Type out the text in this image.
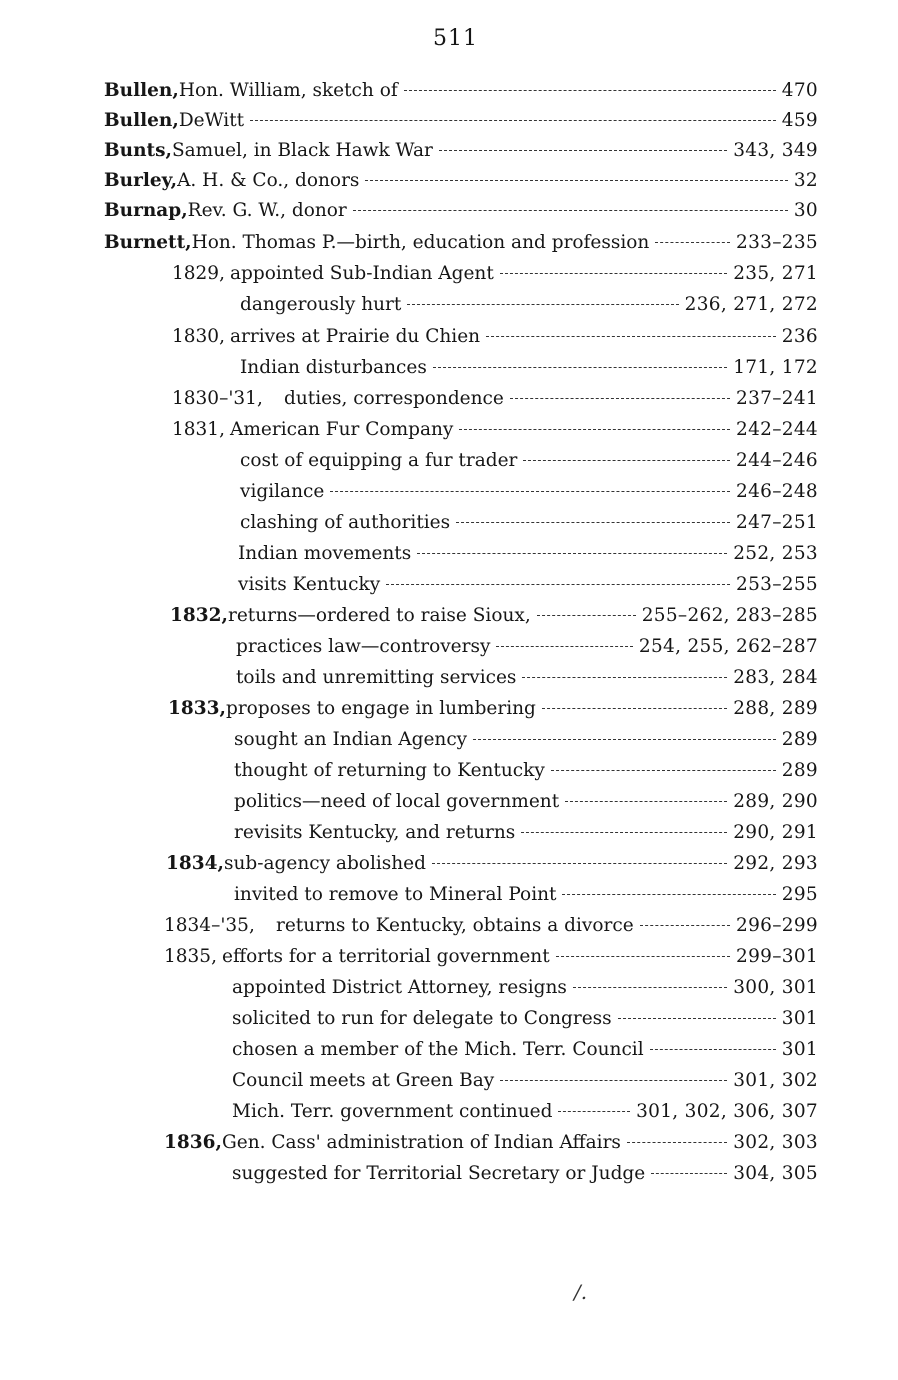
511
Bullen, Hon. William, sketch of	470
Bullen, DeWitt	459
Bunts, Samuel, in Black Hawk War	343, 349
Burley, A. H. & Co., donors	32
Burnap, Rev. G. W., donor	30
Burnett, Hon. Thomas P.—birth, education and profession	233–235
1829, appointed Sub-Indian Agent	235, 271
dangerously hurt	236, 271, 272
1830, arrives at Prairie du Chien	236
Indian disturbances	171, 172
1830–'31,	duties, correspondence	237–241
1831, American Fur Company	242–244
cost of equipping a fur trader	244–246
vigilance	246–248
clashing of authorities	247–251
Indian movements	252, 253
visits Kentucky	253–255
1832, returns—ordered to raise Sioux,	255–262, 283–285
practices law—controversy	254, 255, 262–287
toils and unremitting services	283, 284
1833, proposes to engage in lumbering	288, 289
sought an Indian Agency	289
thought of returning to Kentucky	289
politics—need of local government	289, 290
revisits Kentucky, and returns	290, 291
1834, sub-agency abolished	292, 293
invited to remove to Mineral Point	295
1834–'35,	returns to Kentucky, obtains a divorce	296–299
1835, efforts for a territorial government	299–301
appointed District Attorney, resigns	300, 301
solicited to run for delegate to Congress	301
chosen a member of the Mich. Terr. Council	301
Council meets at Green Bay	301, 302
Mich. Terr. government continued	301, 302, 306, 307
1836, Gen. Cass' administration of Indian Affairs	302, 303
suggested for Territorial Secretary or Judge	304, 305
/.
